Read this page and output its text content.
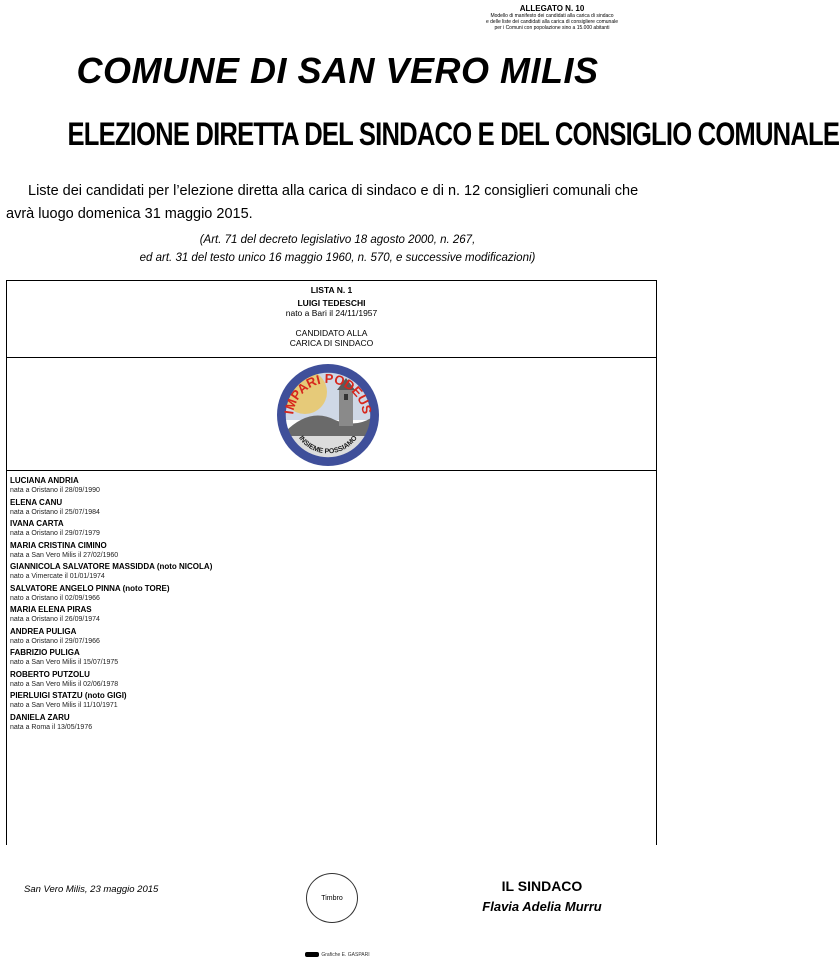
ALLEGATO N. 10
Modello di manifesto dei candidati alla carica di sindaco
e delle liste dei candidati alla carica di consigliere comunale
per i Comuni con popolazione sino a 15.000 abitanti
COMUNE DI SAN VERO MILIS
ELEZIONE DIRETTA DEL SINDACO E DEL CONSIGLIO COMUNALE
Liste dei candidati per l’elezione diretta alla carica di sindaco e di n. 12 consiglieri comunali che avrà luogo domenica 31 maggio 2015.
(Art. 71 del decreto legislativo 18 agosto 2000, n. 267,
ed art. 31 del testo unico 16 maggio 1960, n. 570, e successive modificazioni)
LISTA N. 1
LUIGI TEDESCHI
nato a Bari il 24/11/1957
CANDIDATO ALLA
CARICA DI SINDACO
IMPARI PODEUS
INSIEME POSSIAMO
LUCIANA ANDRIA
nata a Oristano il 28/09/1990
ELENA CANU
nata a Oristano il 25/07/1984
IVANA CARTA
nata a Oristano il 29/07/1979
MARIA CRISTINA CIMINO
nata a San Vero Milis il 27/02/1960
GIANNICOLA SALVATORE MASSIDDA (noto NICOLA)
nato a Vimercate il 01/01/1974
SALVATORE ANGELO PINNA (noto TORE)
nato a Oristano il 02/09/1966
MARIA ELENA PIRAS
nata a Oristano il 26/09/1974
ANDREA PULIGA
nato a Oristano il 29/07/1966
FABRIZIO PULIGA
nato a San Vero Milis il 15/07/1975
ROBERTO PUTZOLU
nato a San Vero Milis il 02/06/1978
PIERLUIGI STATZU (noto GIGI)
nato a San Vero Milis il 11/10/1971
DANIELA ZARU
nata a Roma il 13/05/1976
San Vero Milis, 23 maggio 2015
Timbro
IL SINDACO
Flavia Adelia Murru
Grafiche E. GASPARI
